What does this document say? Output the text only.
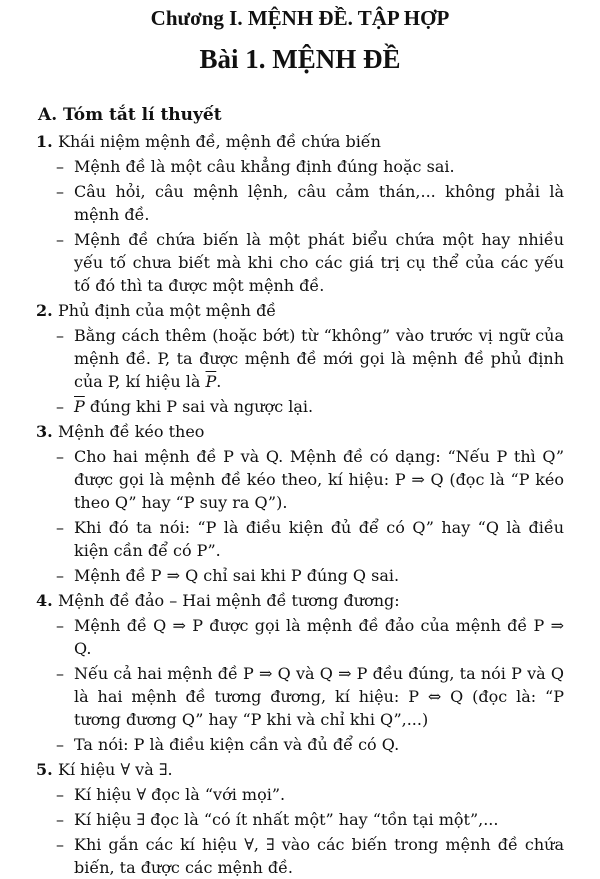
Chương I. MỆNH ĐỀ. TẬP HỢP
Bài 1. MỆNH ĐỀ
A. Tóm tắt lí thuyết
1. Khái niệm mệnh đề, mệnh đề chứa biến
– Mệnh đề là một câu khẳng định đúng hoặc sai.
– Câu hỏi, câu mệnh lệnh, câu cảm thán,... không phải là mệnh đề.
– Mệnh đề chứa biến là một phát biểu chứa một hay nhiều yếu tố chưa biết mà khi cho các giá trị cụ thể của các yếu tố đó thì ta được một mệnh đề.
2. Phủ định của một mệnh đề
– Bằng cách thêm (hoặc bớt) từ “không” vào trước vị ngữ của mệnh đề. P, ta được mệnh đề mới gọi là mệnh đề phủ định của P, kí hiệu là $\overline{P}$.
– $\overline{P}$ đúng khi P sai và ngược lại.
3. Mệnh đề kéo theo
– Cho hai mệnh đề P và Q. Mệnh đề có dạng: “Nếu P thì Q” được gọi là mệnh đề kéo theo, kí hiệu: P ⇒ Q (đọc là “P kéo theo Q” hay “P suy ra Q”).
– Khi đó ta nói: “P là điều kiện đủ để có Q” hay “Q là điều kiện cần để có P”.
– Mệnh đề P ⇒ Q chỉ sai khi P đúng Q sai.
4. Mệnh đề đảo – Hai mệnh đề tương đương:
– Mệnh đề Q ⇒ P được gọi là mệnh đề đảo của mệnh đề P ⇒ Q.
– Nếu cả hai mệnh đề P ⇒ Q và Q ⇒ P đều đúng, ta nói P và Q là hai mệnh đề tương đương, kí hiệu: P ⇔ Q (đọc là: “P tương đương Q” hay “P khi và chỉ khi Q”,...)
– Ta nói: P là điều kiện cần và đủ để có Q.
5. Kí hiệu ∀ và ∃.
– Kí hiệu ∀ đọc là “với mọi”.
– Kí hiệu ∃ đọc là “có ít nhất một” hay “tồn tại một”,...
– Khi gắn các kí hiệu ∀, ∃ vào các biến trong mệnh đề chứa biến, ta được các mệnh đề.
